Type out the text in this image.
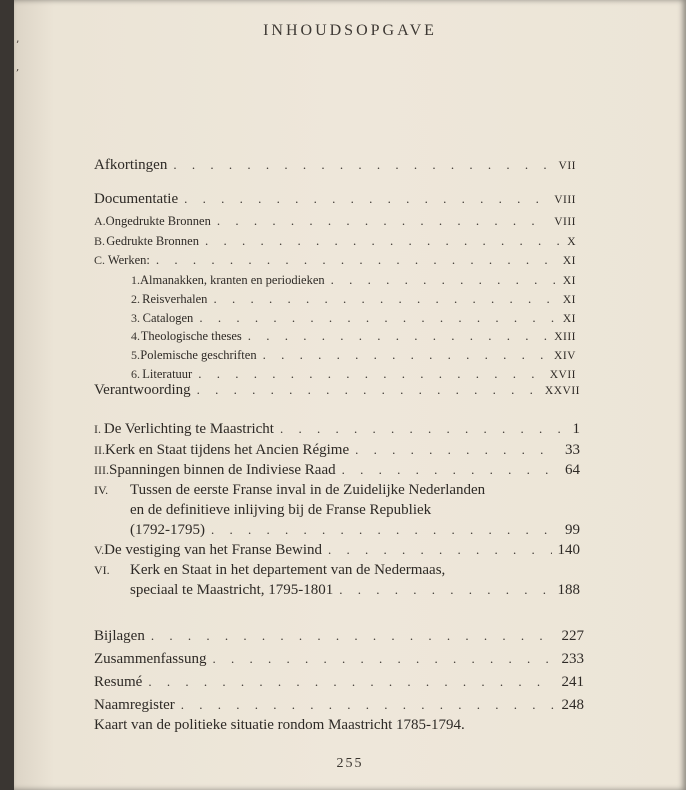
’

‚
INHOUDSOPGAVE
Afkortingen . . .	VII
Documentatie . . .	VIII
A. Ongedrukte Bronnen . . .	VIII
B. Gedrukte Bronnen . . .	X
C. Werken: . . .	XI
1. Almanakken, kranten en periodieken . . .	XI
2. Reisverhalen . . .	XI
3. Catalogen . . .	XI
4. Theologische theses . . .	XIII
5. Polemische geschriften . . .	XIV
6. Literatuur . . .	XVII
Verantwoording . . .	XXVII
I. De Verlichting te Maastricht . . .	1
II. Kerk en Staat tijdens het Ancien Régime . . .	33
III. Spanningen binnen de Indiviese Raad . . .	64
IV. Tussen de eerste Franse inval in de Zuidelijke Nederlanden
en de definitieve inlijving bij de Franse Republiek
(1792-1795) . . .	99
V. De vestiging van het Franse Bewind . . .	140
VI. Kerk en Staat in het departement van de Nedermaas,
speciaal te Maastricht, 1795-1801 . . .	188
Bijlagen . . .	227
Zusammenfassung . . .	233
Resumé . . .	241
Naamregister . . .	248
Kaart van de politieke situatie rondom Maastricht 1785-1794.
255
